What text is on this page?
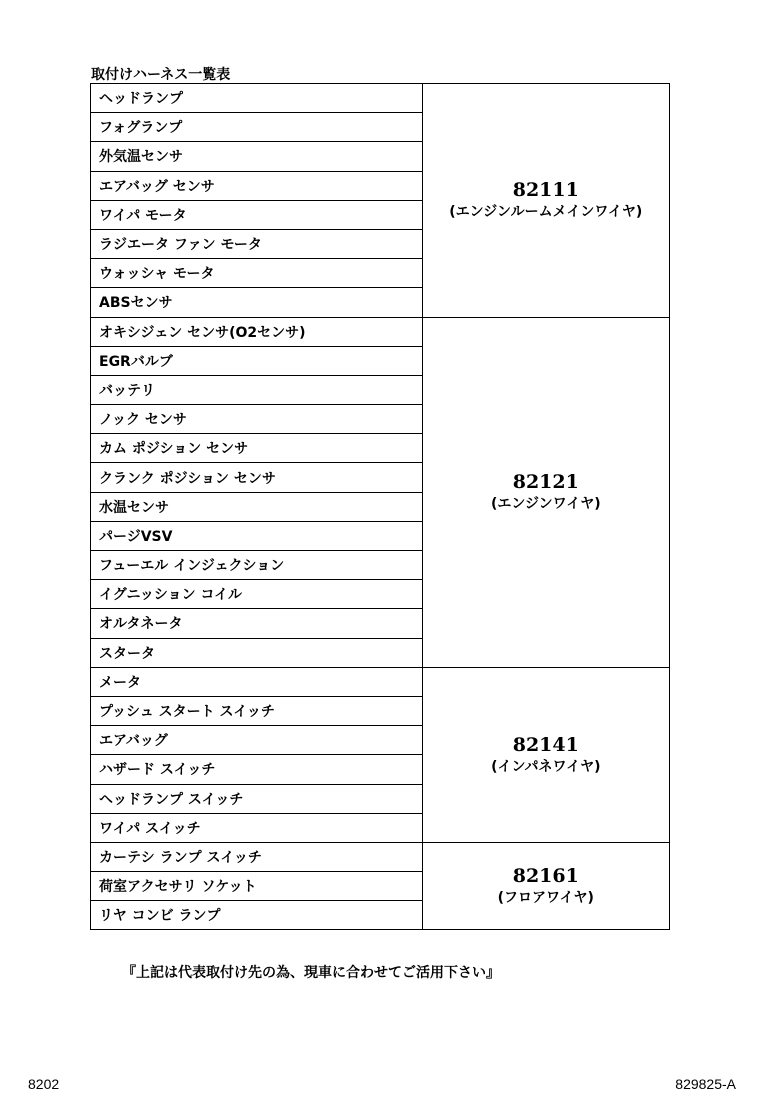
取付けハーネス一覧表
ヘッドランプ	82111
(エンジンルームメインワイヤ)

フォグランプ	
外気温センサ	
エアバッグ センサ	
ワイパ モータ	
ラジエータ ファン モータ	
ウォッシャ モータ	
ABSセンサ	
オキシジェン センサ(O2センサ)	82121
(エンジンワイヤ)

EGRバルブ	
バッテリ	
ノック センサ	
カム ポジション センサ	
クランク ポジション センサ	
水温センサ	
パージVSV	
フューエル インジェクション	
イグニッション コイル	
オルタネータ	
スタータ	
メータ	82141
(インパネワイヤ)

プッシュ スタート スイッチ	
エアバッグ	
ハザード スイッチ	
ヘッドランプ スイッチ	
ワイパ スイッチ	
カーテシ ランプ スイッチ	82161
(フロアワイヤ)

荷室アクセサリ ソケット	
リヤ コンビ ランプ	
『上記は代表取付け先の為、現車に合わせてご活用下さい』
8202	829825-A
